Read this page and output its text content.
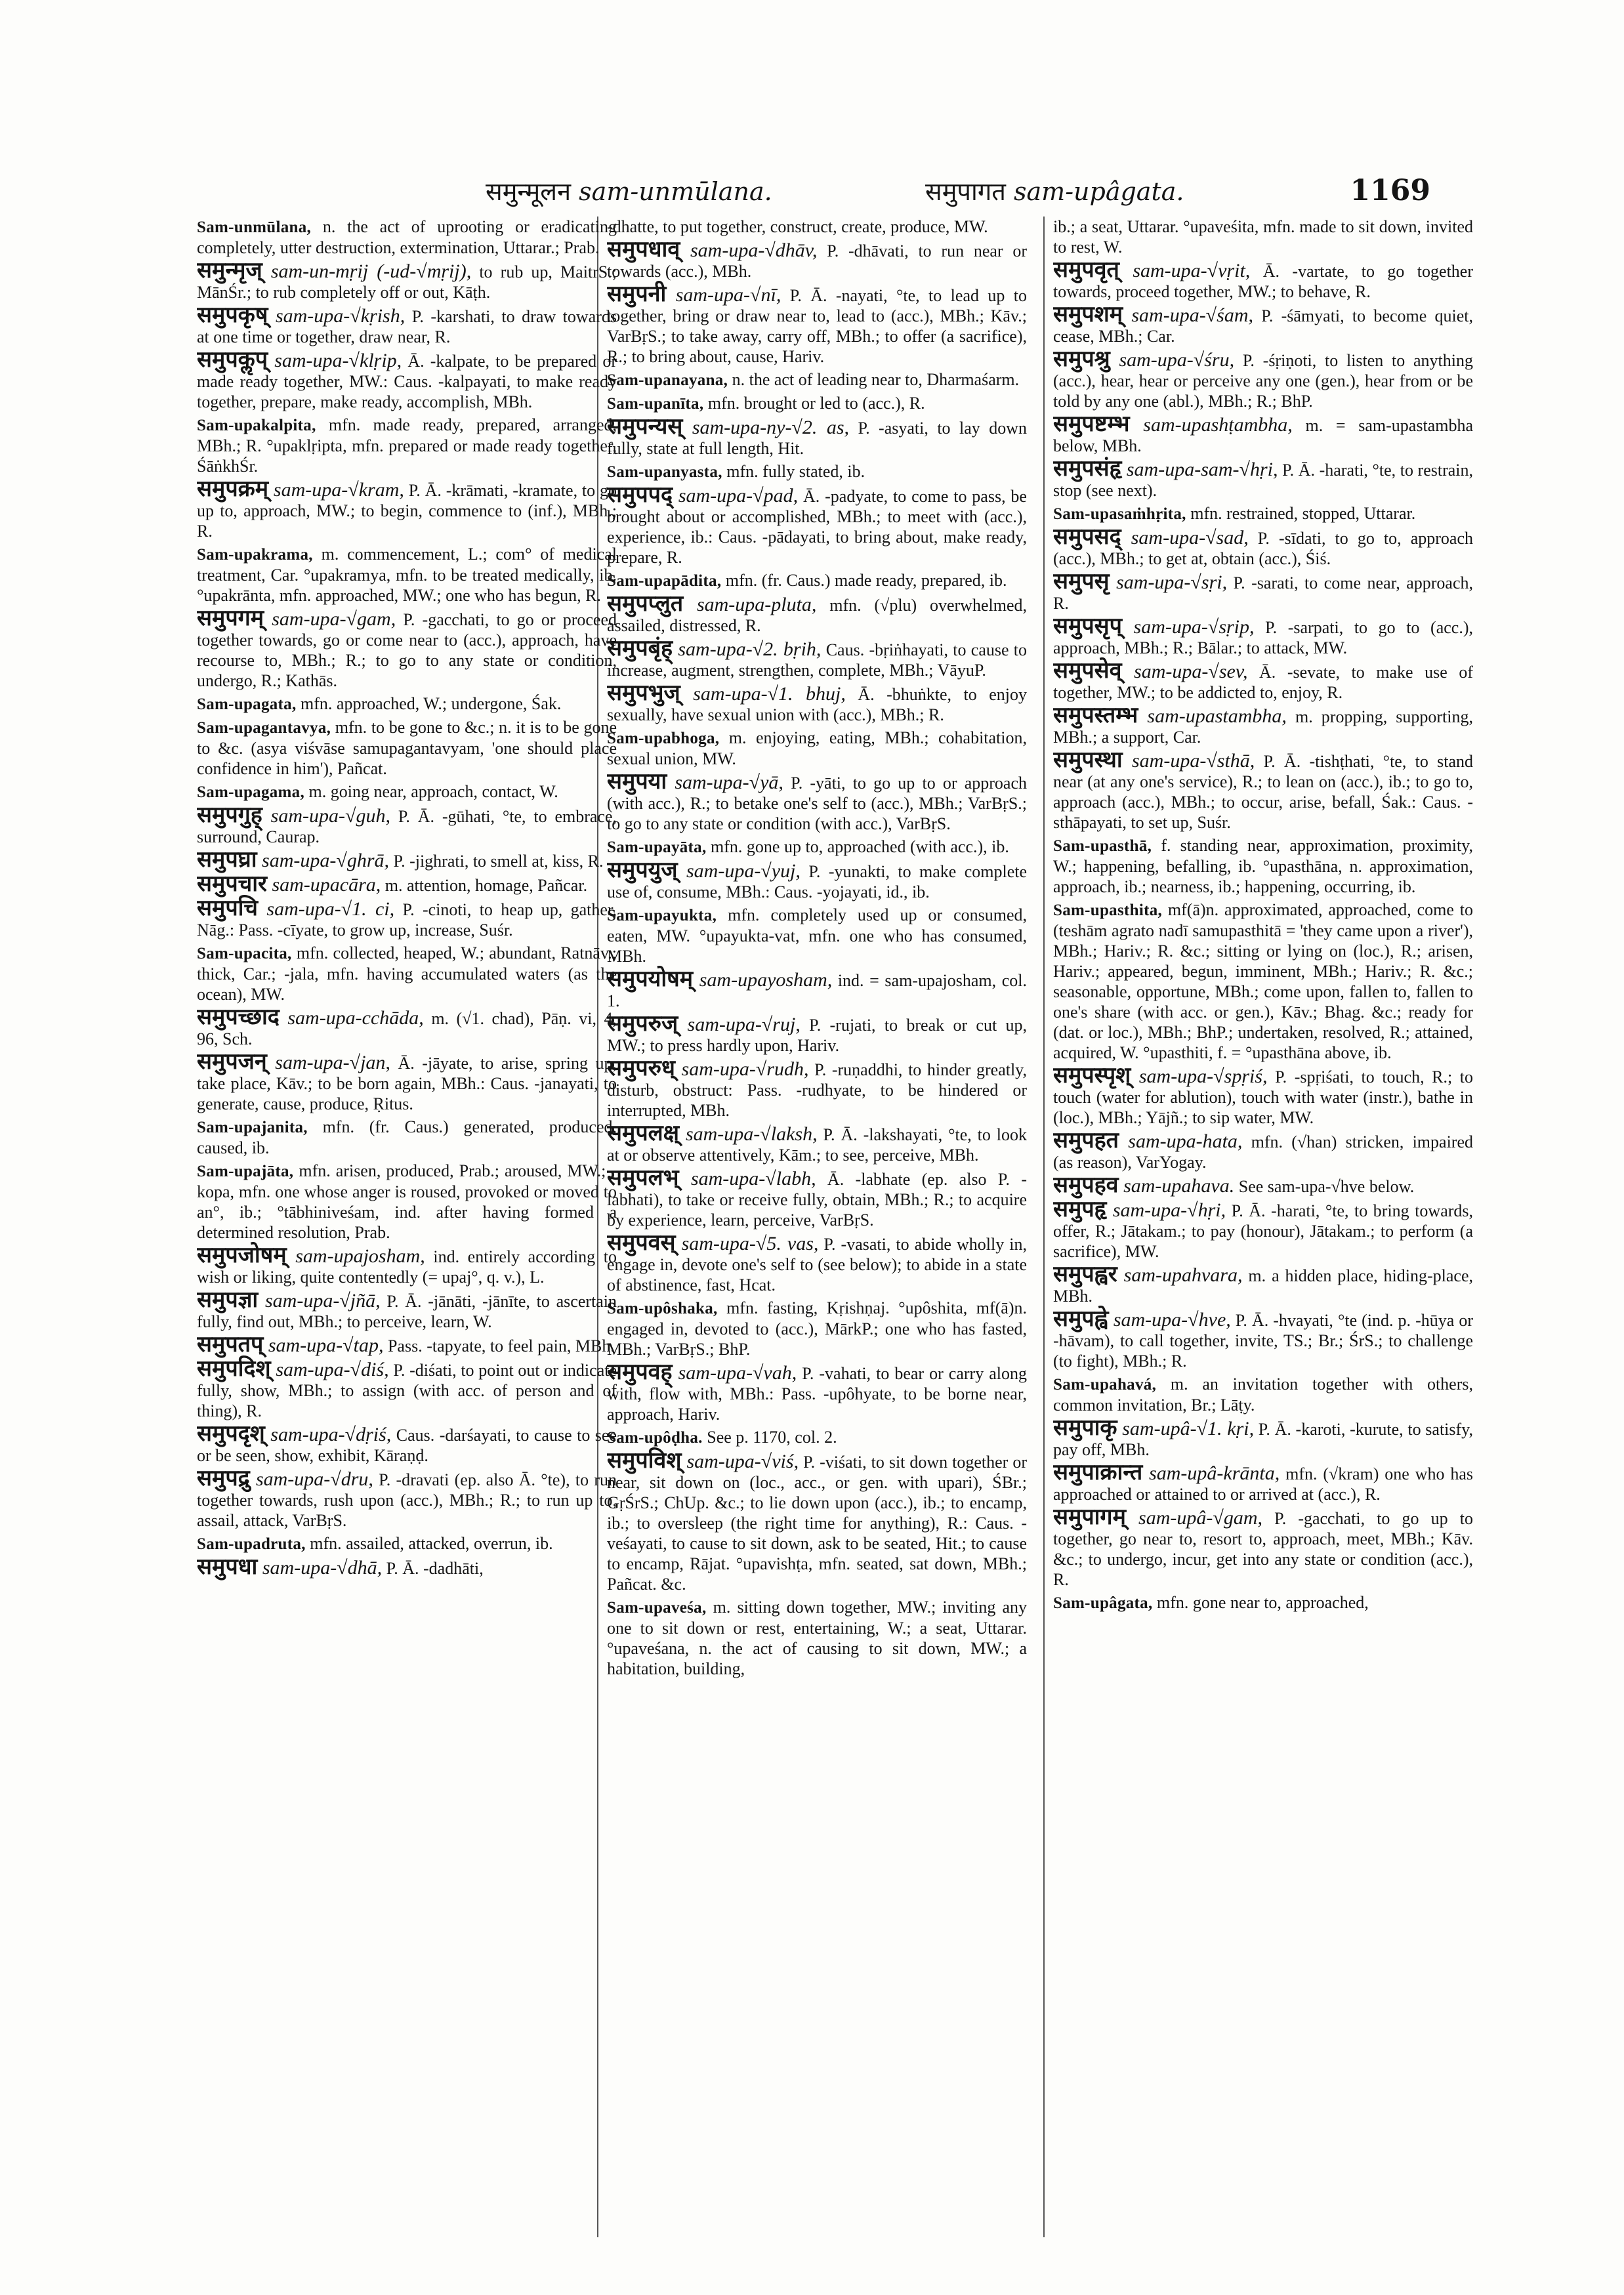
समुन्मूलन sam-unmūlana.	समुपागत sam-upâgata.	1169

Sam-unmūlana, n. the act of uprooting or eradicating completely, utter destruction, extermination, Uttarar.; Prab.

समुन्मृज् sam-un-mṛij (-ud-√mṛij), to rub up, MaitrS.; MānŚr.; to rub completely off or out, Kāṭh.

समुपकृष् sam-upa-√kṛish, P. -karshati, to draw towards at one time or together, draw near, R.

समुपकॢप् sam-upa-√klṛip, Ā. -kalpate, to be prepared or made ready together, MW.: Caus. -kalpayati, to make ready together, prepare, make ready, accomplish, MBh.

Sam-upakalpita, mfn. made ready, prepared, arranged, MBh.; R. °upaklṛipta, mfn. prepared or made ready together, ŚāṅkhŚr.

समुपक्रम् sam-upa-√kram, P. Ā. -krāmati, -kramate, to go up to, approach, MW.; to begin, commence to (inf.), MBh.; R.

Sam-upakrama, m. commencement, L.; com° of medical treatment, Car. °upakramya, mfn. to be treated medically, ib. °upakrānta, mfn. approached, MW.; one who has begun, R.

समुपगम् sam-upa-√gam, P. -gacchati, to go or proceed together towards, go or come near to (acc.), approach, have recourse to, MBh.; R.; to go to any state or condition, undergo, R.; Kathās.

Sam-upagata, mfn. approached, W.; undergone, Śak.

Sam-upagantavya, mfn. to be gone to &c.; n. it is to be gone to &c. (asya viśvāse samupagantavyam, 'one should place confidence in him'), Pañcat.

Sam-upagama, m. going near, approach, contact, W.

समुपगुह् sam-upa-√guh, P. Ā. -gūhati, °te, to embrace, surround, Caurap.

समुपघ्रा sam-upa-√ghrā, P. -jighrati, to smell at, kiss, R.

समुपचार sam-upacāra, m. attention, homage, Pañcar.

समुपचि sam-upa-√1. ci, P. -cinoti, to heap up, gather, Nāg.: Pass. -cīyate, to grow up, increase, Suśr.

Sam-upacita, mfn. collected, heaped, W.; abundant, Ratnāv.; thick, Car.; -jala, mfn. having accumulated waters (as the ocean), MW.

समुपच्छाद sam-upa-cchāda, m. (√1. chad), Pāṇ. vi, 4, 96, Sch.

समुपजन् sam-upa-√jan, Ā. -jāyate, to arise, spring up, take place, Kāv.; to be born again, MBh.: Caus. -janayati, to generate, cause, produce, Ṛitus.

Sam-upajanita, mfn. (fr. Caus.) generated, produced, caused, ib.

Sam-upajāta, mfn. arisen, produced, Prab.; aroused, MW.; -kopa, mfn. one whose anger is roused, provoked or moved to an°, ib.; °tābhiniveśam, ind. after having formed a determined resolution, Prab.

समुपजोषम् sam-upajosham, ind. entirely according to wish or liking, quite contentedly (= upaj°, q. v.), L.

समुपज्ञा sam-upa-√jñā, P. Ā. -jānāti, -jānīte, to ascertain fully, find out, MBh.; to perceive, learn, W.

समुपतप् sam-upa-√tap, Pass. -tapyate, to feel pain, MBh.

समुपदिश् sam-upa-√diś, P. -diśati, to point out or indicate fully, show, MBh.; to assign (with acc. of person and of thing), R.

समुपदृश् sam-upa-√dṛiś, Caus. -darśayati, to cause to see or be seen, show, exhibit, Kāraṇḍ.

समुपद्रु sam-upa-√dru, P. -dravati (ep. also Ā. °te), to run together towards, rush upon (acc.), MBh.; R.; to run up to, assail, attack, VarBṛS.

Sam-upadruta, mfn. assailed, attacked, overrun, ib.

समुपधा sam-upa-√dhā, P. Ā. -dadhāti,

-dhatte, to put together, construct, create, produce, MW.

समुपधाव् sam-upa-√dhāv, P. -dhāvati, to run near or towards (acc.), MBh.

समुपनी sam-upa-√nī, P. Ā. -nayati, °te, to lead up to together, bring or draw near to, lead to (acc.), MBh.; Kāv.; VarBṛS.; to take away, carry off, MBh.; to offer (a sacrifice), R.; to bring about, cause, Hariv.

Sam-upanayana, n. the act of leading near to, Dharmaśarm.

Sam-upanīta, mfn. brought or led to (acc.), R.

समुपन्यस् sam-upa-ny-√2. as, P. -asyati, to lay down fully, state at full length, Hit.

Sam-upanyasta, mfn. fully stated, ib.

समुपपद् sam-upa-√pad, Ā. -padyate, to come to pass, be brought about or accomplished, MBh.; to meet with (acc.), experience, ib.: Caus. -pādayati, to bring about, make ready, prepare, R.

Sam-upapādita, mfn. (fr. Caus.) made ready, prepared, ib.

समुपप्लुत sam-upa-pluta, mfn. (√plu) overwhelmed, assailed, distressed, R.

समुपबृंह् sam-upa-√2. bṛih, Caus. -bṛiṅhayati, to cause to increase, augment, strengthen, complete, MBh.; VāyuP.

समुपभुज् sam-upa-√1. bhuj, Ā. -bhuṅkte, to enjoy sexually, have sexual union with (acc.), MBh.; R.

Sam-upabhoga, m. enjoying, eating, MBh.; cohabitation, sexual union, MW.

समुपया sam-upa-√yā, P. -yāti, to go up to or approach (with acc.), R.; to betake one's self to (acc.), MBh.; VarBṛS.; to go to any state or condition (with acc.), VarBṛS.

Sam-upayāta, mfn. gone up to, approached (with acc.), ib.

समुपयुज् sam-upa-√yuj, P. -yunakti, to make complete use of, consume, MBh.: Caus. -yojayati, id., ib.

Sam-upayukta, mfn. completely used up or consumed, eaten, MW. °upayukta-vat, mfn. one who has consumed, MBh.

समुपयोषम् sam-upayosham, ind. = sam-upajosham, col. 1.

समुपरुज् sam-upa-√ruj, P. -rujati, to break or cut up, MW.; to press hardly upon, Hariv.

समुपरुध् sam-upa-√rudh, P. -ruṇaddhi, to hinder greatly, disturb, obstruct: Pass. -rudhyate, to be hindered or interrupted, MBh.

समुपलक्ष् sam-upa-√laksh, P. Ā. -lakshayati, °te, to look at or observe attentively, Kām.; to see, perceive, MBh.

समुपलभ् sam-upa-√labh, Ā. -labhate (ep. also P. -labhati), to take or receive fully, obtain, MBh.; R.; to acquire by experience, learn, perceive, VarBṛS.

समुपवस् sam-upa-√5. vas, P. -vasati, to abide wholly in, engage in, devote one's self to (see below); to abide in a state of abstinence, fast, Hcat.

Sam-upôshaka, mfn. fasting, Kṛishṇaj. °upôshita, mf(ā)n. engaged in, devoted to (acc.), MārkP.; one who has fasted, MBh.; VarBṛS.; BhP.

समुपवह् sam-upa-√vah, P. -vahati, to bear or carry along with, flow with, MBh.: Pass. -upôhyate, to be borne near, approach, Hariv.

Sam-upôḍha. See p. 1170, col. 2.

समुपविश् sam-upa-√viś, P. -viśati, to sit down together or near, sit down on (loc., acc., or gen. with upari), ŚBr.; GṛŚrS.; ChUp. &c.; to lie down upon (acc.), ib.; to encamp, ib.; to oversleep (the right time for anything), R.: Caus. -veśayati, to cause to sit down, ask to be seated, Hit.; to cause to encamp, Rājat. °upavishṭa, mfn. seated, sat down, MBh.; Pañcat. &c.

Sam-upaveśa, m. sitting down together, MW.; inviting any one to sit down or rest, entertaining, W.; a seat, Uttarar. °upaveśana, n. the act of causing to sit down, MW.; a habitation, building,

ib.; a seat, Uttarar. °upaveśita, mfn. made to sit down, invited to rest, W.

समुपवृत् sam-upa-√vṛit, Ā. -vartate, to go together towards, proceed together, MW.; to behave, R.

समुपशम् sam-upa-√śam, P. -śāmyati, to become quiet, cease, MBh.; Car.

समुपश्रु sam-upa-√śru, P. -śṛiṇoti, to listen to anything (acc.), hear, hear or perceive any one (gen.), hear from or be told by any one (abl.), MBh.; R.; BhP.

समुपष्टम्भ sam-upashṭambha, m. = sam-upastambha below, MBh.

समुपसंहृ sam-upa-sam-√hṛi, P. Ā. -harati, °te, to restrain, stop (see next).

Sam-upasaṁhṛita, mfn. restrained, stopped, Uttarar.

समुपसद् sam-upa-√sad, P. -sīdati, to go to, approach (acc.), MBh.; to get at, obtain (acc.), Śiś.

समुपसृ sam-upa-√sṛi, P. -sarati, to come near, approach, R.

समुपसृप् sam-upa-√sṛip, P. -sarpati, to go to (acc.), approach, MBh.; R.; Bālar.; to attack, MW.

समुपसेव् sam-upa-√sev, Ā. -sevate, to make use of together, MW.; to be addicted to, enjoy, R.

समुपस्तम्भ sam-upastambha, m. propping, supporting, MBh.; a support, Car.

समुपस्था sam-upa-√sthā, P. Ā. -tishṭhati, °te, to stand near (at any one's service), R.; to lean on (acc.), ib.; to go to, approach (acc.), MBh.; to occur, arise, befall, Śak.: Caus. -sthāpayati, to set up, Suśr.

Sam-upasthā, f. standing near, approximation, proximity, W.; happening, befalling, ib. °upasthāna, n. approximation, approach, ib.; nearness, ib.; happening, occurring, ib.

Sam-upasthita, mf(ā)n. approximated, approached, come to (teshām agrato nadī samupasthitā = 'they came upon a river'), MBh.; Hariv.; R. &c.; sitting or lying on (loc.), R.; arisen, Hariv.; appeared, begun, imminent, MBh.; Hariv.; R. &c.; seasonable, opportune, MBh.; come upon, fallen to, fallen to one's share (with acc. or gen.), Kāv.; Bhag. &c.; ready for (dat. or loc.), MBh.; BhP.; undertaken, resolved, R.; attained, acquired, W. °upasthiti, f. = °upasthāna above, ib.

समुपस्पृश् sam-upa-√spṛiś, P. -spṛiśati, to touch, R.; to touch (water for ablution), touch with water (instr.), bathe in (loc.), MBh.; Yājñ.; to sip water, MW.

समुपहत sam-upa-hata, mfn. (√han) stricken, impaired (as reason), VarYogay.

समुपहव sam-upahava. See sam-upa-√hve below.

समुपहृ sam-upa-√hṛi, P. Ā. -harati, °te, to bring towards, offer, R.; Jātakam.; to pay (honour), Jātakam.; to perform (a sacrifice), MW.

समुपह्वर sam-upahvara, m. a hidden place, hiding-place, MBh.

समुपह्वे sam-upa-√hve, P. Ā. -hvayati, °te (ind. p. -hūya or -hāvam), to call together, invite, TS.; Br.; ŚrS.; to challenge (to fight), MBh.; R.

Sam-upahavá, m. an invitation together with others, common invitation, Br.; Lāṭy.

समुपाकृ sam-upâ-√1. kṛi, P. Ā. -karoti, -kurute, to satisfy, pay off, MBh.

समुपाक्रान्त sam-upâ-krānta, mfn. (√kram) one who has approached or attained to or arrived at (acc.), R.

समुपागम् sam-upâ-√gam, P. -gacchati, to go up to together, go near to, resort to, approach, meet, MBh.; Kāv. &c.; to undergo, incur, get into any state or condition (acc.), R.

Sam-upâgata, mfn. gone near to, approached,
